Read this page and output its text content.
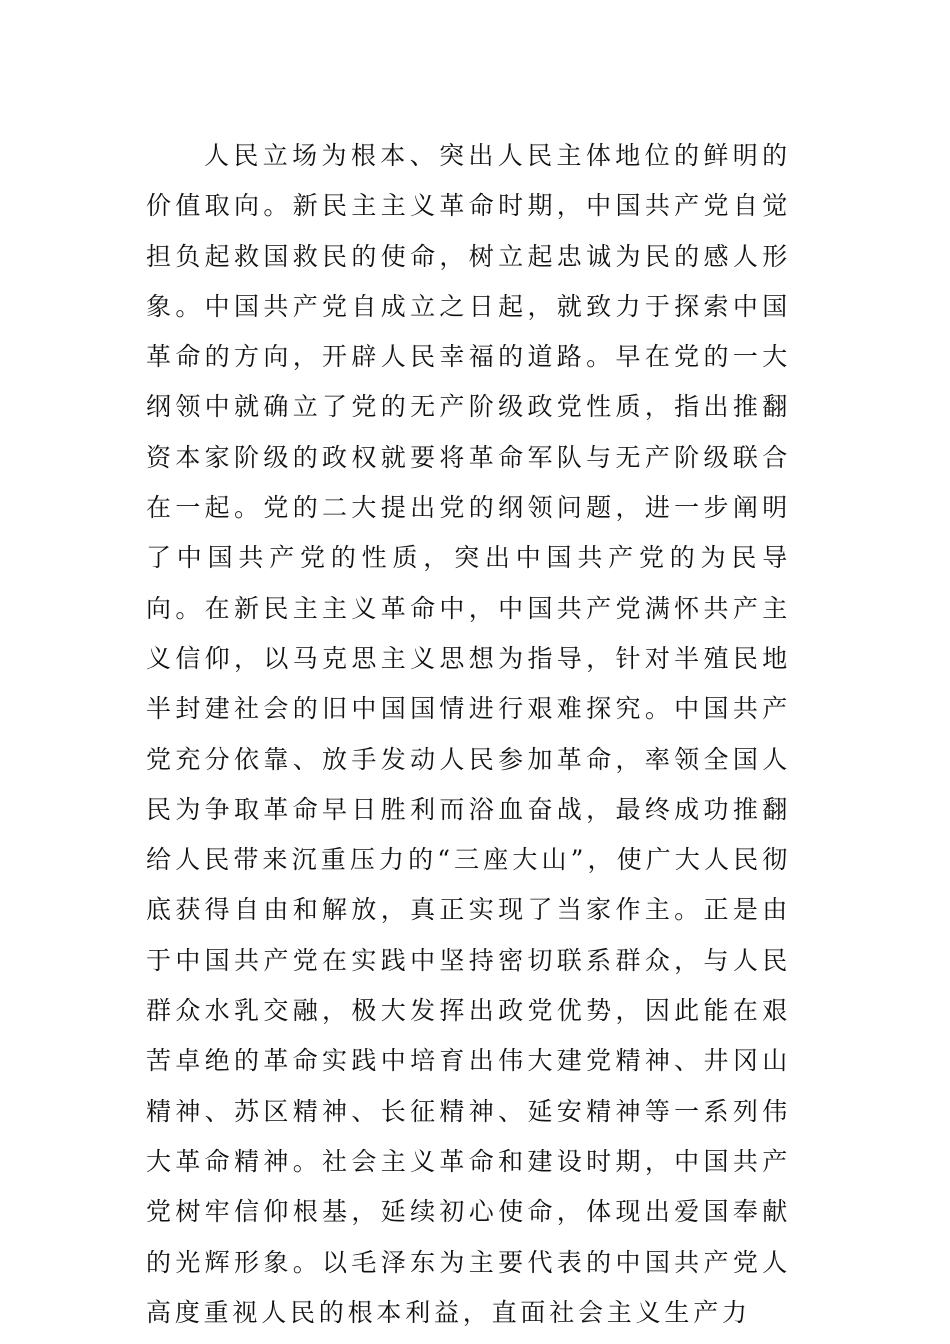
人民立场为根本、突出人民主体地位的鲜明的价值取向。新民主主义革命时期，中国共产党自觉担负起救国救民的使命，树立起忠诚为民的感人形象。中国共产党自成立之日起，就致力于探索中国革命的方向，开辟人民幸福的道路。早在党的一大纲领中就确立了党的无产阶级政党性质，指出推翻资本家阶级的政权就要将革命军队与无产阶级联合在一起。党的二大提出党的纲领问题，进一步阐明了中国共产党的性质，突出中国共产党的为民导向。在新民主主义革命中，中国共产党满怀共产主义信仰，以马克思主义思想为指导，针对半殖民地半封建社会的旧中国国情进行艰难探究。中国共产党充分依靠、放手发动人民参加革命，率领全国人民为争取革命早日胜利而浴血奋战，最终成功推翻给人民带来沉重压力的“三座大山”，使广大人民彻底获得自由和解放，真正实现了当家作主。正是由于中国共产党在实践中坚持密切联系群众，与人民群众水乳交融，极大发挥出政党优势，因此能在艰苦卓绝的革命实践中培育出伟大建党精神、井冈山精神、苏区精神、长征精神、延安精神等一系列伟大革命精神。社会主义革命和建设时期，中国共产党树牢信仰根基，延续初心使命，体现出爱国奉献的光辉形象。以毛泽东为主要代表的中国共产党人高度重视人民的根本利益，直面社会主义生产力
